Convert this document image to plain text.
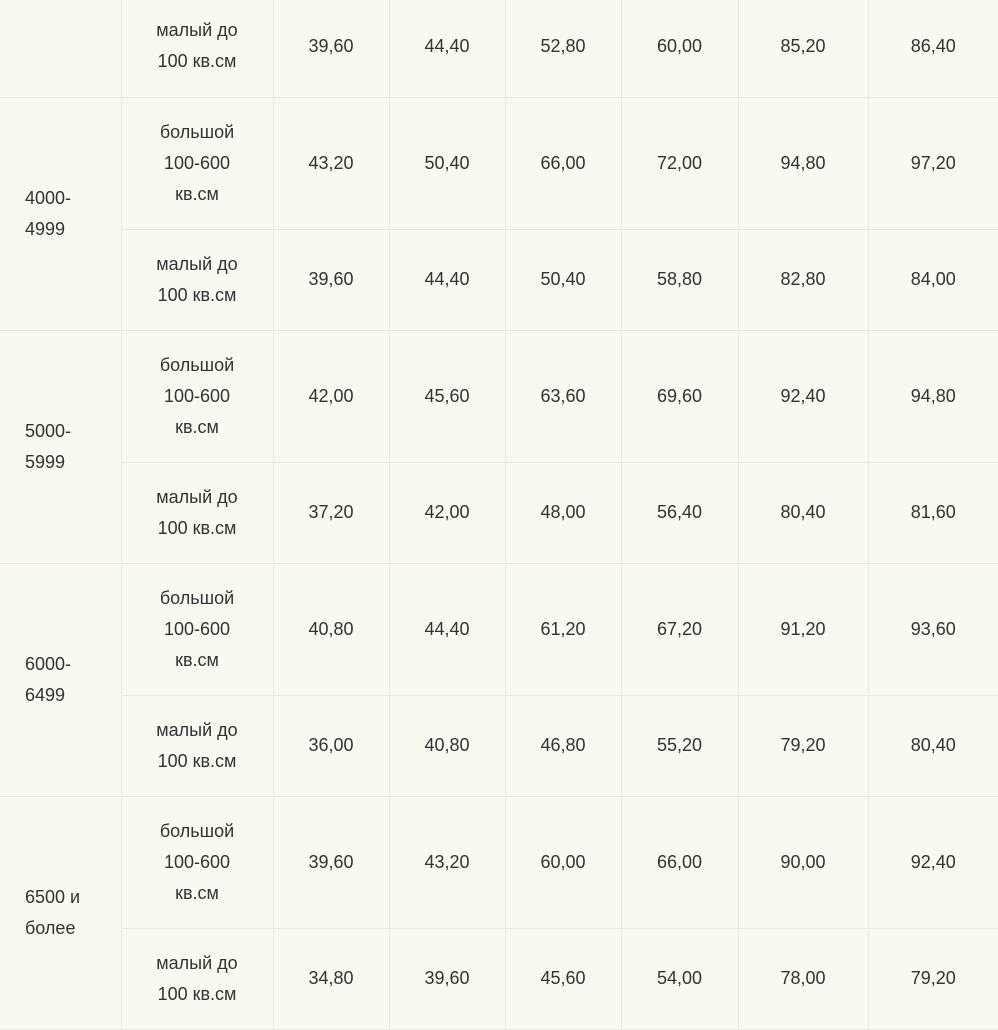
	малый до 100 кв.см	39,60	44,40	52,80	60,00	85,20	86,40
4000-4999	большой 100-600 кв.см	43,20	50,40	66,00	72,00	94,80	97,20
	малый до 100 кв.см	39,60	44,40	50,40	58,80	82,80	84,00
5000-5999	большой 100-600 кв.см	42,00	45,60	63,60	69,60	92,40	94,80
	малый до 100 кв.см	37,20	42,00	48,00	56,40	80,40	81,60
6000-6499	большой 100-600 кв.см	40,80	44,40	61,20	67,20	91,20	93,60
	малый до 100 кв.см	36,00	40,80	46,80	55,20	79,20	80,40
6500 и более	большой 100-600 кв.см	39,60	43,20	60,00	66,00	90,00	92,40
	малый до 100 кв.см	34,80	39,60	45,60	54,00	78,00	79,20
